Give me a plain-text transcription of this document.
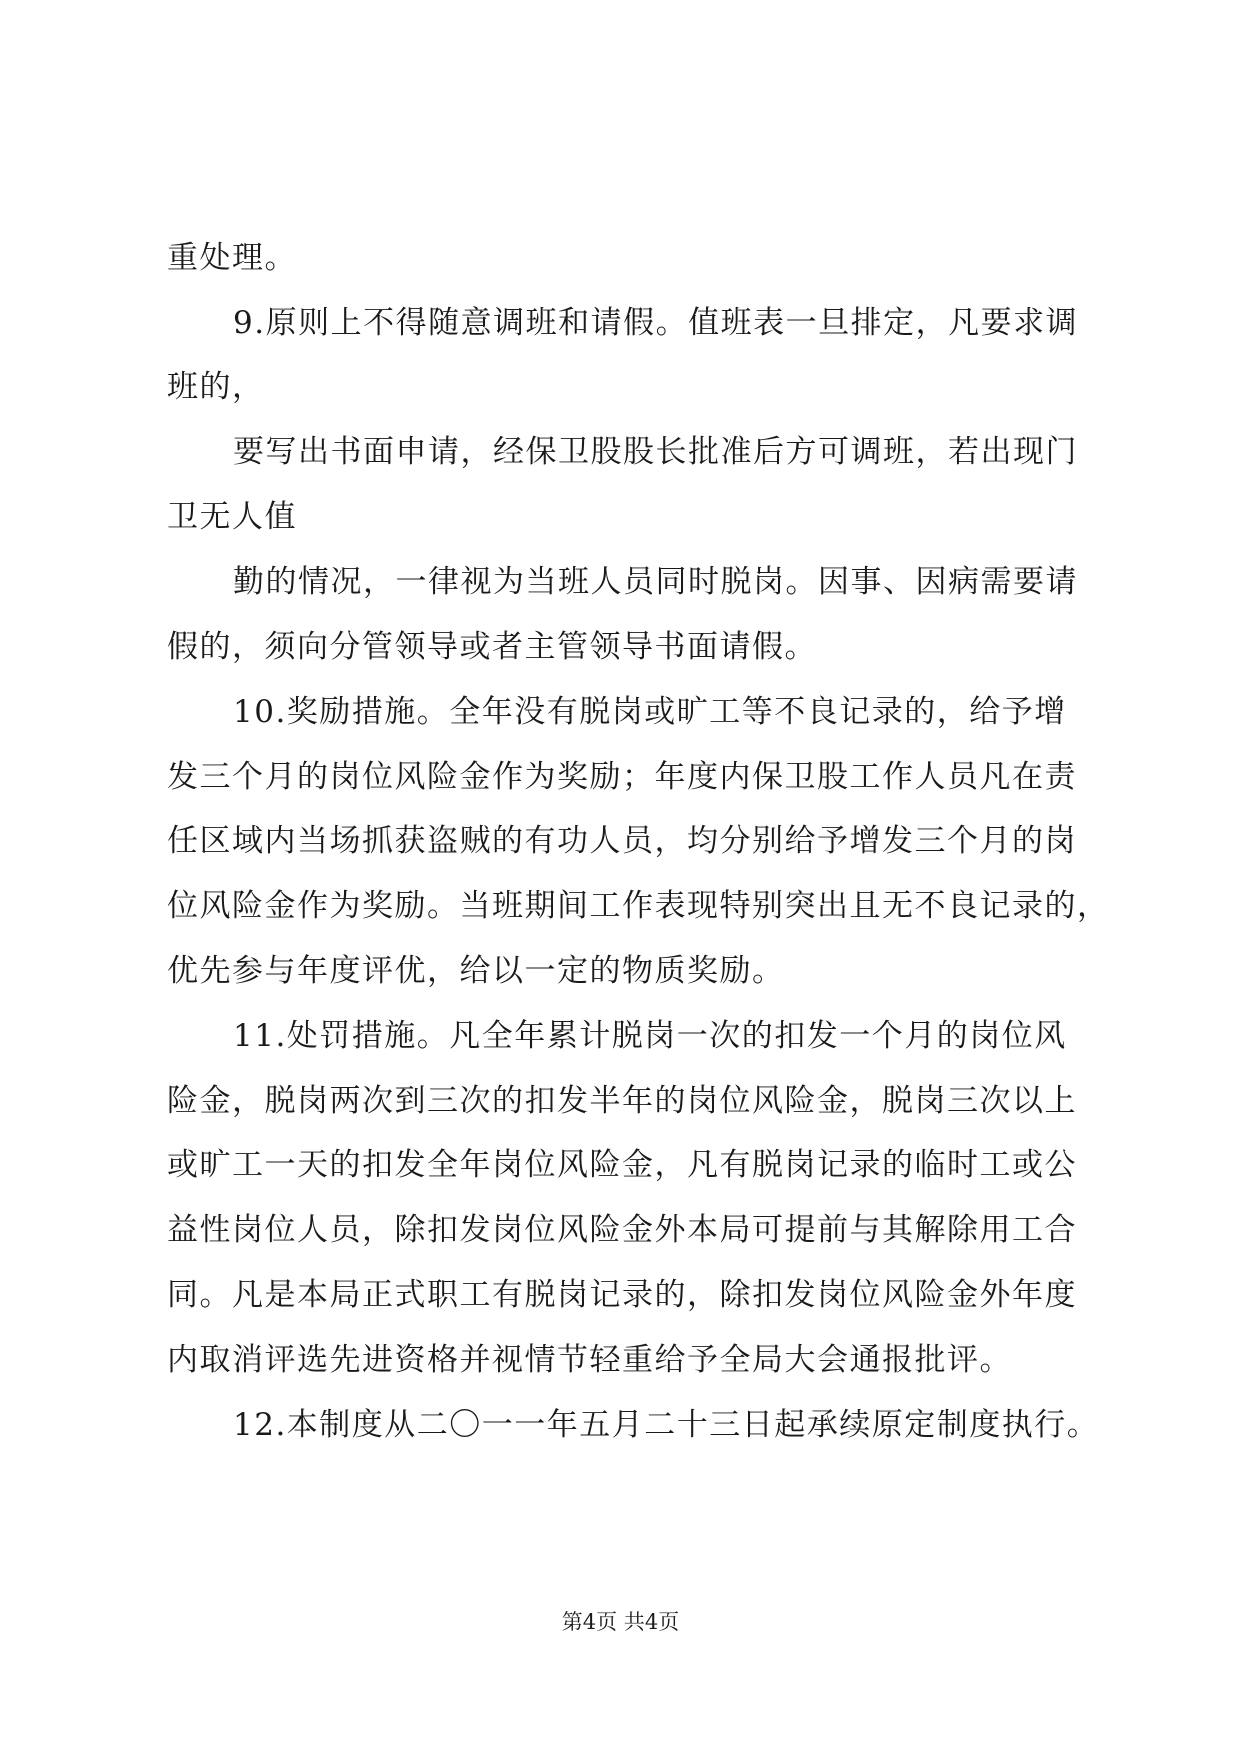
重处理。
9.原则上不得随意调班和请假。值班表一旦排定，凡要求调
班的，
要写出书面申请，经保卫股股长批准后方可调班，若出现门
卫无人值
勤的情况，一律视为当班人员同时脱岗。因事、因病需要请
假的，须向分管领导或者主管领导书面请假。
10.奖励措施。全年没有脱岗或旷工等不良记录的，给予增
发三个月的岗位风险金作为奖励；年度内保卫股工作人员凡在责
任区域内当场抓获盗贼的有功人员，均分别给予增发三个月的岗
位风险金作为奖励。当班期间工作表现特别突出且无不良记录的，
优先参与年度评优，给以一定的物质奖励。
11.处罚措施。凡全年累计脱岗一次的扣发一个月的岗位风
险金，脱岗两次到三次的扣发半年的岗位风险金，脱岗三次以上
或旷工一天的扣发全年岗位风险金，凡有脱岗记录的临时工或公
益性岗位人员，除扣发岗位风险金外本局可提前与其解除用工合
同。凡是本局正式职工有脱岗记录的，除扣发岗位风险金外年度
内取消评选先进资格并视情节轻重给予全局大会通报批评。
12.本制度从二〇一一年五月二十三日起承续原定制度执行。
第4页 共4页
